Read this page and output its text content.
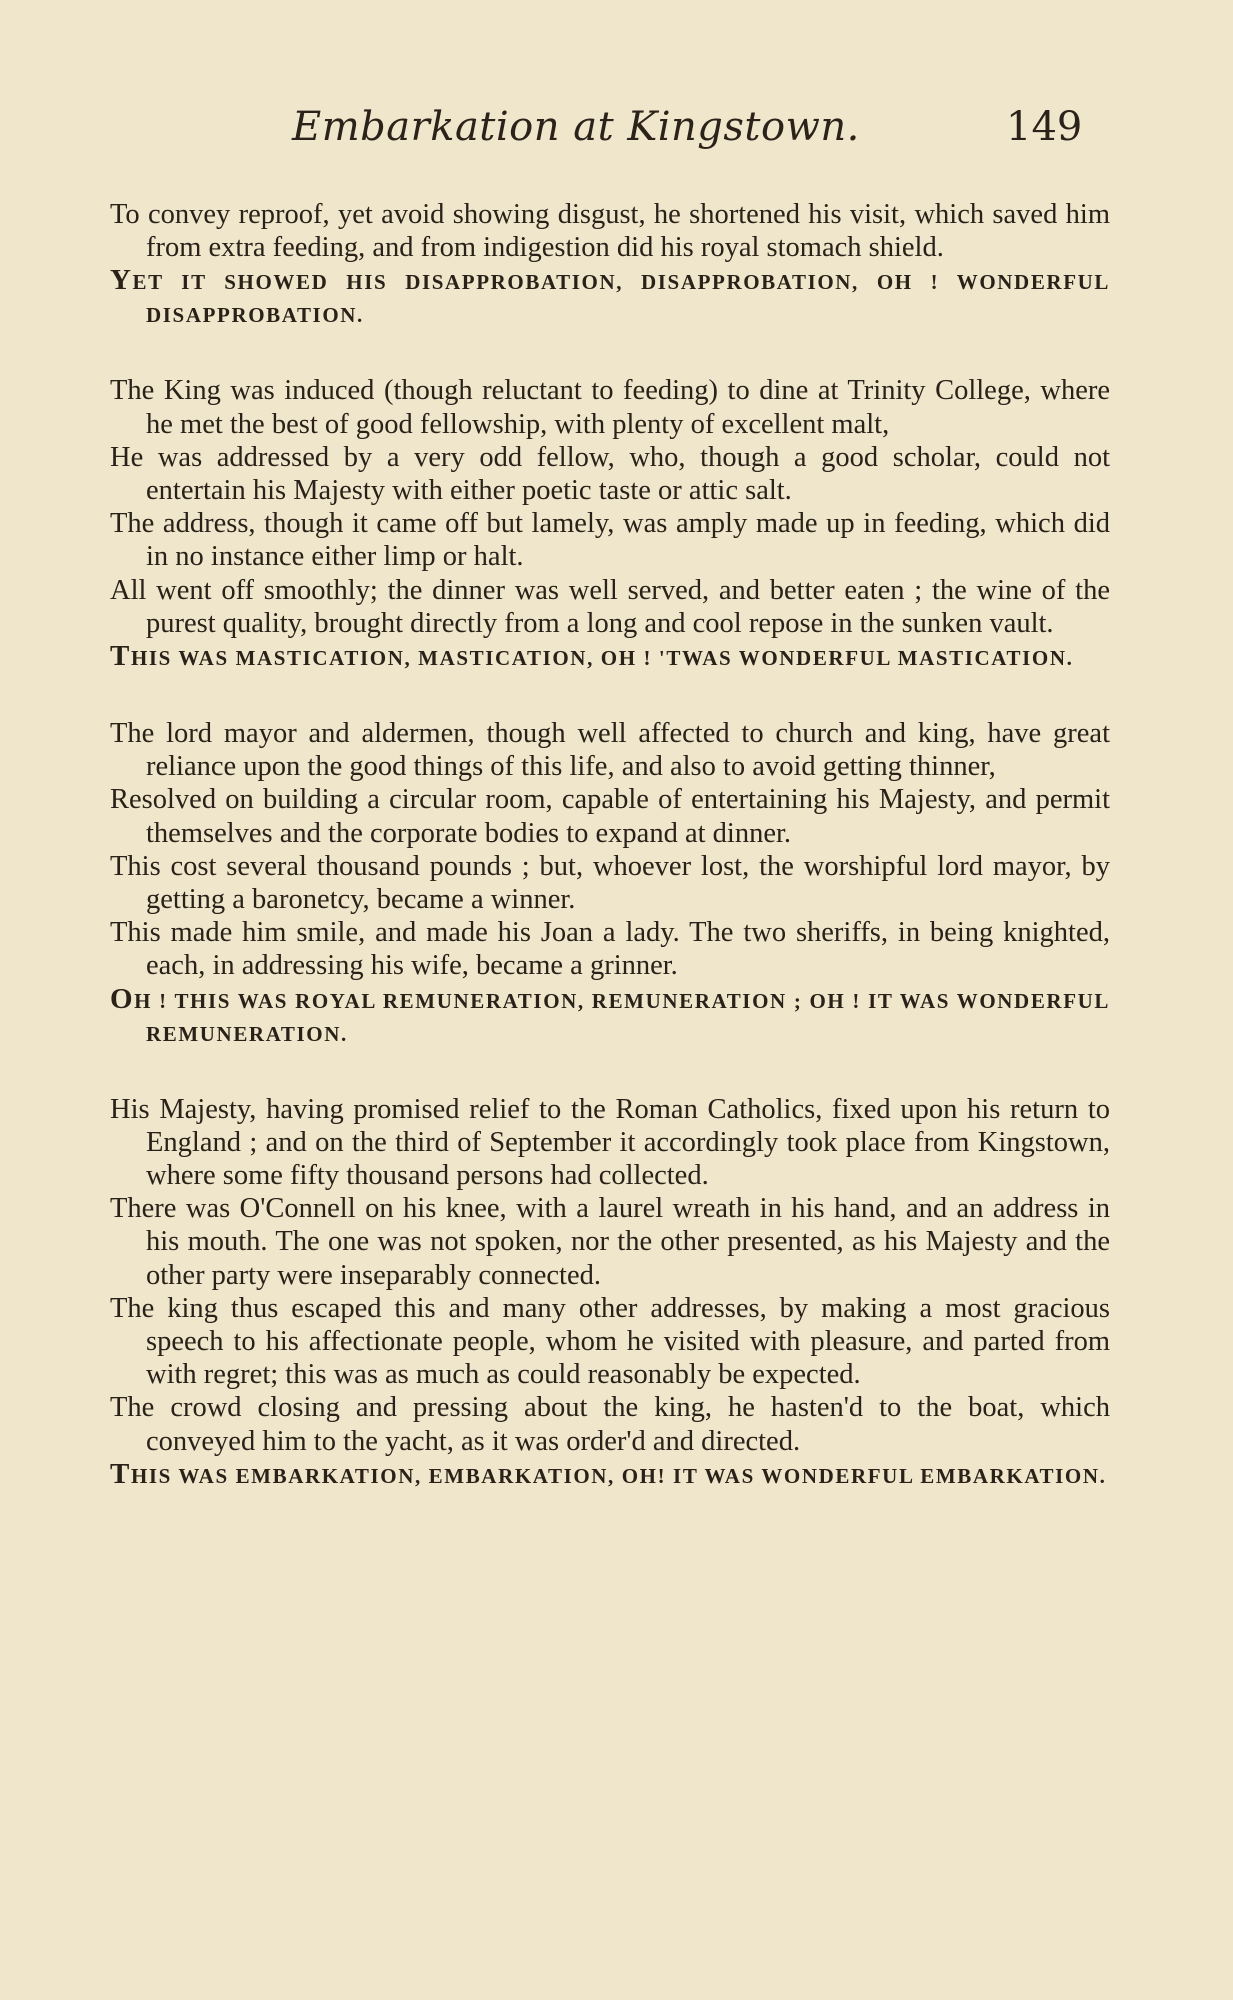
Embarkation at Kingstown.	149

To convey reproof, yet avoid showing disgust, he shortened his visit, which saved him from extra feeding, and from indigestion did his royal stomach shield.

YET IT SHOWED HIS DISAPPROBATION, DISAPPROBATION, OH ! WONDERFUL DISAPPROBATION.

The King was induced (though reluctant to feeding) to dine at Trinity College, where he met the best of good fellowship, with plenty of excellent malt,

He was addressed by a very odd fellow, who, though a good scholar, could not entertain his Majesty with either poetic taste or attic salt.

The address, though it came off but lamely, was amply made up in feeding, which did in no instance either limp or halt.

All went off smoothly; the dinner was well served, and better eaten ; the wine of the purest quality, brought directly from a long and cool repose in the sunken vault.

THIS WAS MASTICATION, MASTICATION, OH ! 'TWAS WONDERFUL MASTICATION.

The lord mayor and aldermen, though well affected to church and king, have great reliance upon the good things of this life, and also to avoid getting thinner,

Resolved on building a circular room, capable of entertaining his Majesty, and permit themselves and the corporate bodies to expand at dinner.

This cost several thousand pounds ; but, whoever lost, the worshipful lord mayor, by getting a baronetcy, became a winner.

This made him smile, and made his Joan a lady. The two sheriffs, in being knighted, each, in addressing his wife, became a grinner.

OH ! THIS WAS ROYAL REMUNERATION, REMUNERATION ; OH ! IT WAS WONDERFUL REMUNERATION.

His Majesty, having promised relief to the Roman Catholics, fixed upon his return to England ; and on the third of September it accordingly took place from Kingstown, where some fifty thousand persons had collected.

There was O'Connell on his knee, with a laurel wreath in his hand, and an address in his mouth. The one was not spoken, nor the other presented, as his Majesty and the other party were inseparably connected.

The king thus escaped this and many other addresses, by making a most gracious speech to his affectionate people, whom he visited with pleasure, and parted from with regret; this was as much as could reasonably be expected.

The crowd closing and pressing about the king, he hasten'd to the boat, which conveyed him to the yacht, as it was order'd and directed.

THIS WAS EMBARKATION, EMBARKATION, OH! IT WAS WONDERFUL EMBARKATION.
